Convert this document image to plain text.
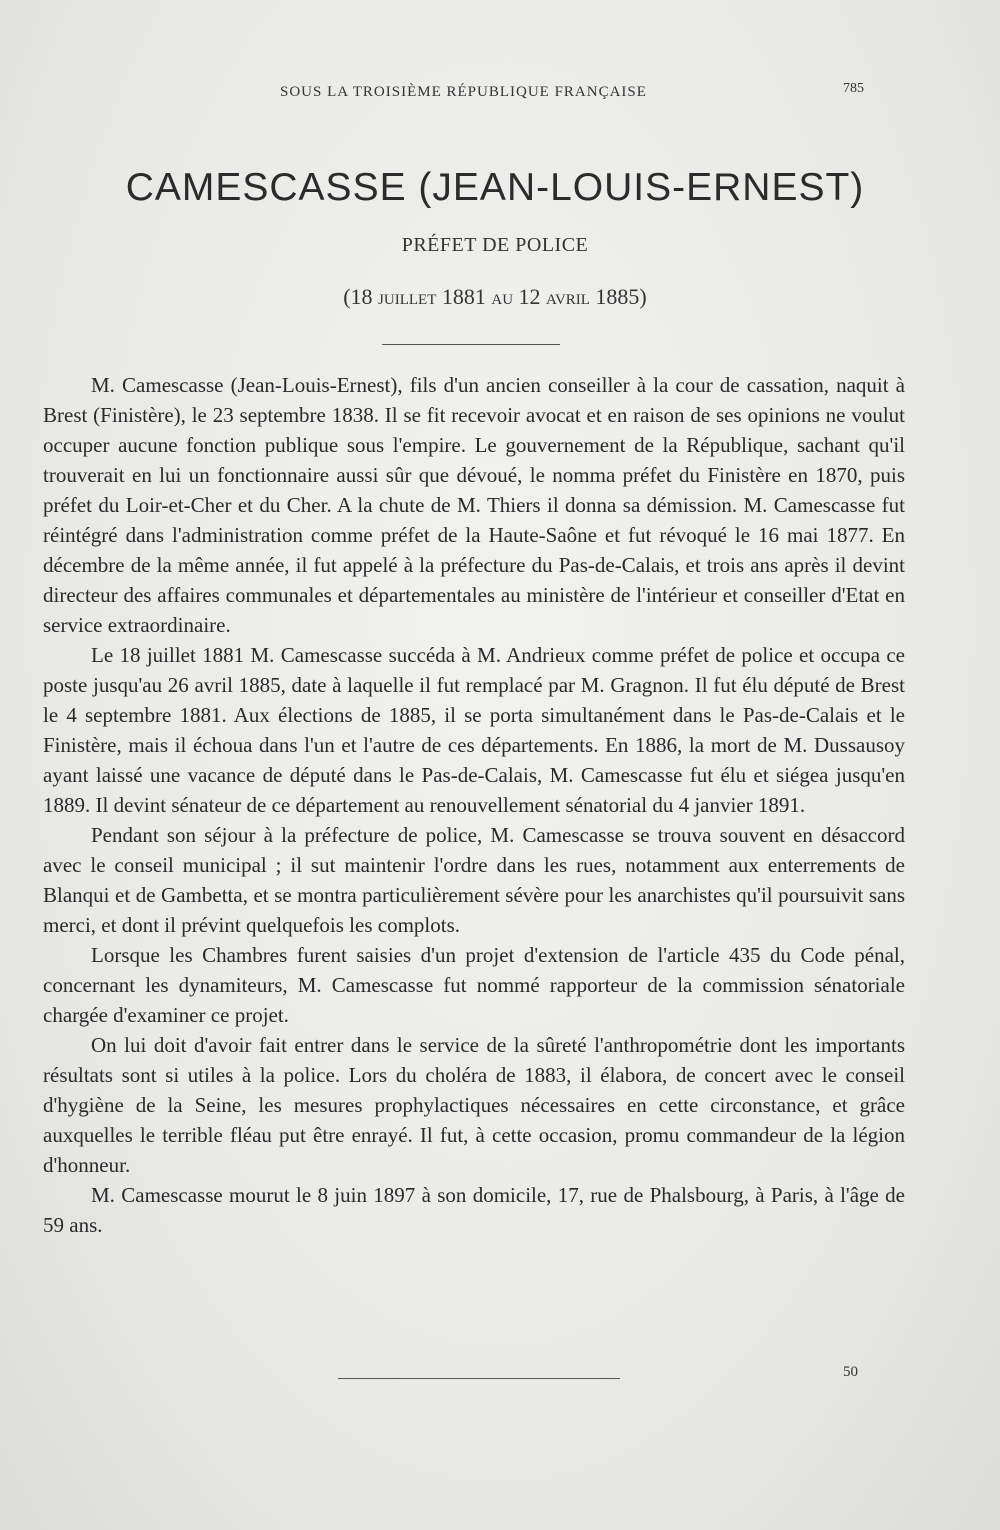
SOUS LA TROISIÈME RÉPUBLIQUE FRANÇAISE	785
CAMESCASSE (JEAN-LOUIS-ERNEST)
PRÉFET DE POLICE
(18 juillet 1881 au 12 avril 1885)

M. Camescasse (Jean-Louis-Ernest), fils d'un ancien conseiller à la cour de cassation, naquit à Brest (Finistère), le 23 septembre 1838. Il se fit recevoir avocat et en raison de ses opinions ne voulut occuper aucune fonction publique sous l'empire. Le gouvernement de la République, sachant qu'il trouverait en lui un fonctionnaire aussi sûr que dévoué, le nomma préfet du Finistère en 1870, puis préfet du Loir-et-Cher et du Cher. A la chute de M. Thiers il donna sa démission. M. Camescasse fut réintégré dans l'administration comme préfet de la Haute-Saône et fut révoqué le 16 mai 1877. En décembre de la même année, il fut appelé à la préfecture du Pas-de-Calais, et trois ans après il devint directeur des affaires communales et départementales au ministère de l'intérieur et conseiller d'Etat en service extraordinaire.

Le 18 juillet 1881 M. Camescasse succéda à M. Andrieux comme préfet de police et occupa ce poste jusqu'au 26 avril 1885, date à laquelle il fut remplacé par M. Gragnon. Il fut élu député de Brest le 4 septembre 1881. Aux élections de 1885, il se porta simultanément dans le Pas-de-Calais et le Finistère, mais il échoua dans l'un et l'autre de ces départements. En 1886, la mort de M. Dussausoy ayant laissé une vacance de député dans le Pas-de-Calais, M. Camescasse fut élu et siégea jusqu'en 1889. Il devint sénateur de ce département au renouvellement sénatorial du 4 janvier 1891.

Pendant son séjour à la préfecture de police, M. Camescasse se trouva souvent en désaccord avec le conseil municipal ; il sut maintenir l'ordre dans les rues, notamment aux enterrements de Blanqui et de Gambetta, et se montra particulièrement sévère pour les anarchistes qu'il poursuivit sans merci, et dont il prévint quelquefois les complots.

Lorsque les Chambres furent saisies d'un projet d'extension de l'article 435 du Code pénal, concernant les dynamiteurs, M. Camescasse fut nommé rapporteur de la commission sénatoriale chargée d'examiner ce projet.

On lui doit d'avoir fait entrer dans le service de la sûreté l'anthropométrie dont les importants résultats sont si utiles à la police. Lors du choléra de 1883, il élabora, de concert avec le conseil d'hygiène de la Seine, les mesures prophylactiques nécessaires en cette circonstance, et grâce auxquelles le terrible fléau put être enrayé. Il fut, à cette occasion, promu commandeur de la légion d'honneur.

M. Camescasse mourut le 8 juin 1897 à son domicile, 17, rue de Phalsbourg, à Paris, à l'âge de 59 ans.

50
